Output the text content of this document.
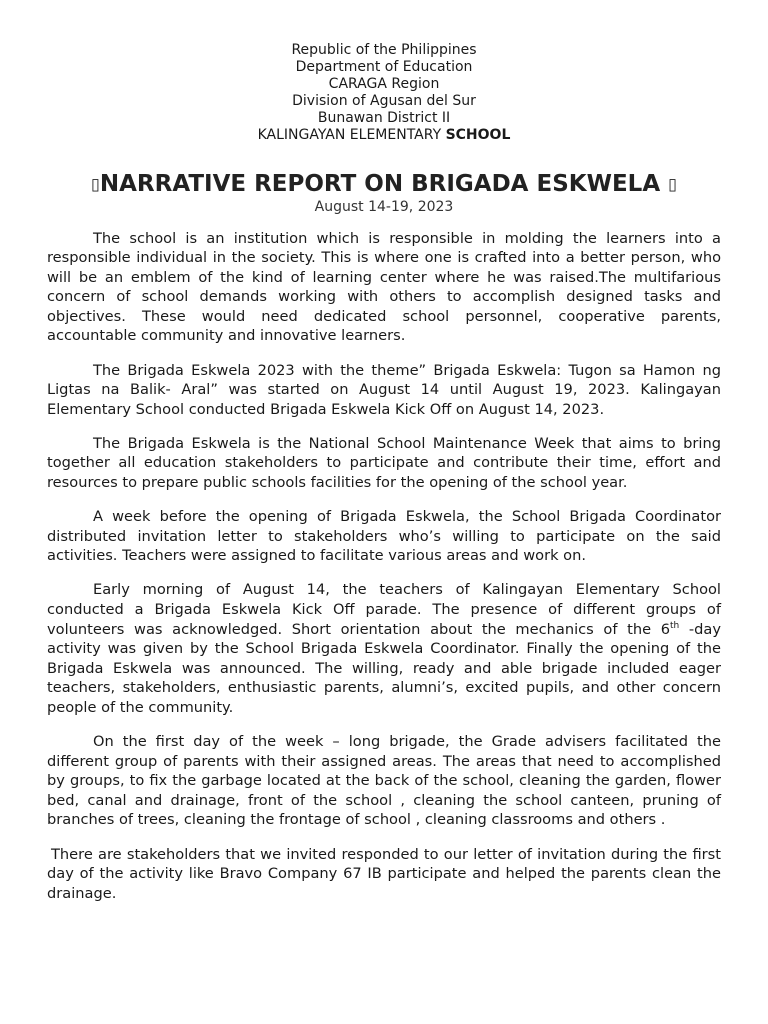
Republic of the Philippines
Department of Education
CARAGA Region
Division of Agusan del Sur
Bunawan District II
KALINGAYAN ELEMENTARY SCHOOL
▯NARRATIVE REPORT ON BRIGADA ESKWELA ▯
August 14-19, 2023

The school is an institution which is responsible in molding the learners into a responsible individual in the society. This is where one is crafted into a better person, who will be an emblem of the kind of learning center where he was raised.The multifarious concern of school demands working with others to accomplish designed tasks and objectives. These would need dedicated school personnel, cooperative parents, accountable community and innovative learners.

The Brigada Eskwela 2023 with the theme” Brigada Eskwela: Tugon sa Hamon ng Ligtas na Balik- Aral” was started on August 14 until August 19, 2023. Kalingayan Elementary School conducted Brigada Eskwela Kick Off on August 14, 2023.

The Brigada Eskwela is the National School Maintenance Week that aims to bring together all education stakeholders to participate and contribute their time, effort and resources to prepare public schools facilities for the opening of the school year.

A week before the opening of Brigada Eskwela, the School Brigada Coordinator distributed invitation letter to stakeholders who’s willing to participate on the said activities. Teachers were assigned to facilitate various areas and work on.

Early morning of August 14, the teachers of Kalingayan Elementary School conducted a Brigada Eskwela Kick Off parade. The presence of different groups of volunteers was acknowledged. Short orientation about the mechanics of the 6th -day activity was given by the School Brigada Eskwela Coordinator. Finally the opening of the Brigada Eskwela was announced. The willing, ready and able brigade included eager teachers, stakeholders, enthusiastic parents, alumni’s, excited pupils, and other concern people of the community.

On the first day of the week – long brigade, the Grade advisers facilitated the different group of parents with their assigned areas. The areas that need to accomplished by groups, to fix the garbage located at the back of the school, cleaning the garden, flower bed, canal and drainage, front of the school , cleaning the school canteen, pruning of branches of trees, cleaning the frontage of school , cleaning classrooms and others .

There are stakeholders that we invited responded to our letter of invitation during the first day of the activity like Bravo Company 67 IB participate and helped the parents clean the drainage.
